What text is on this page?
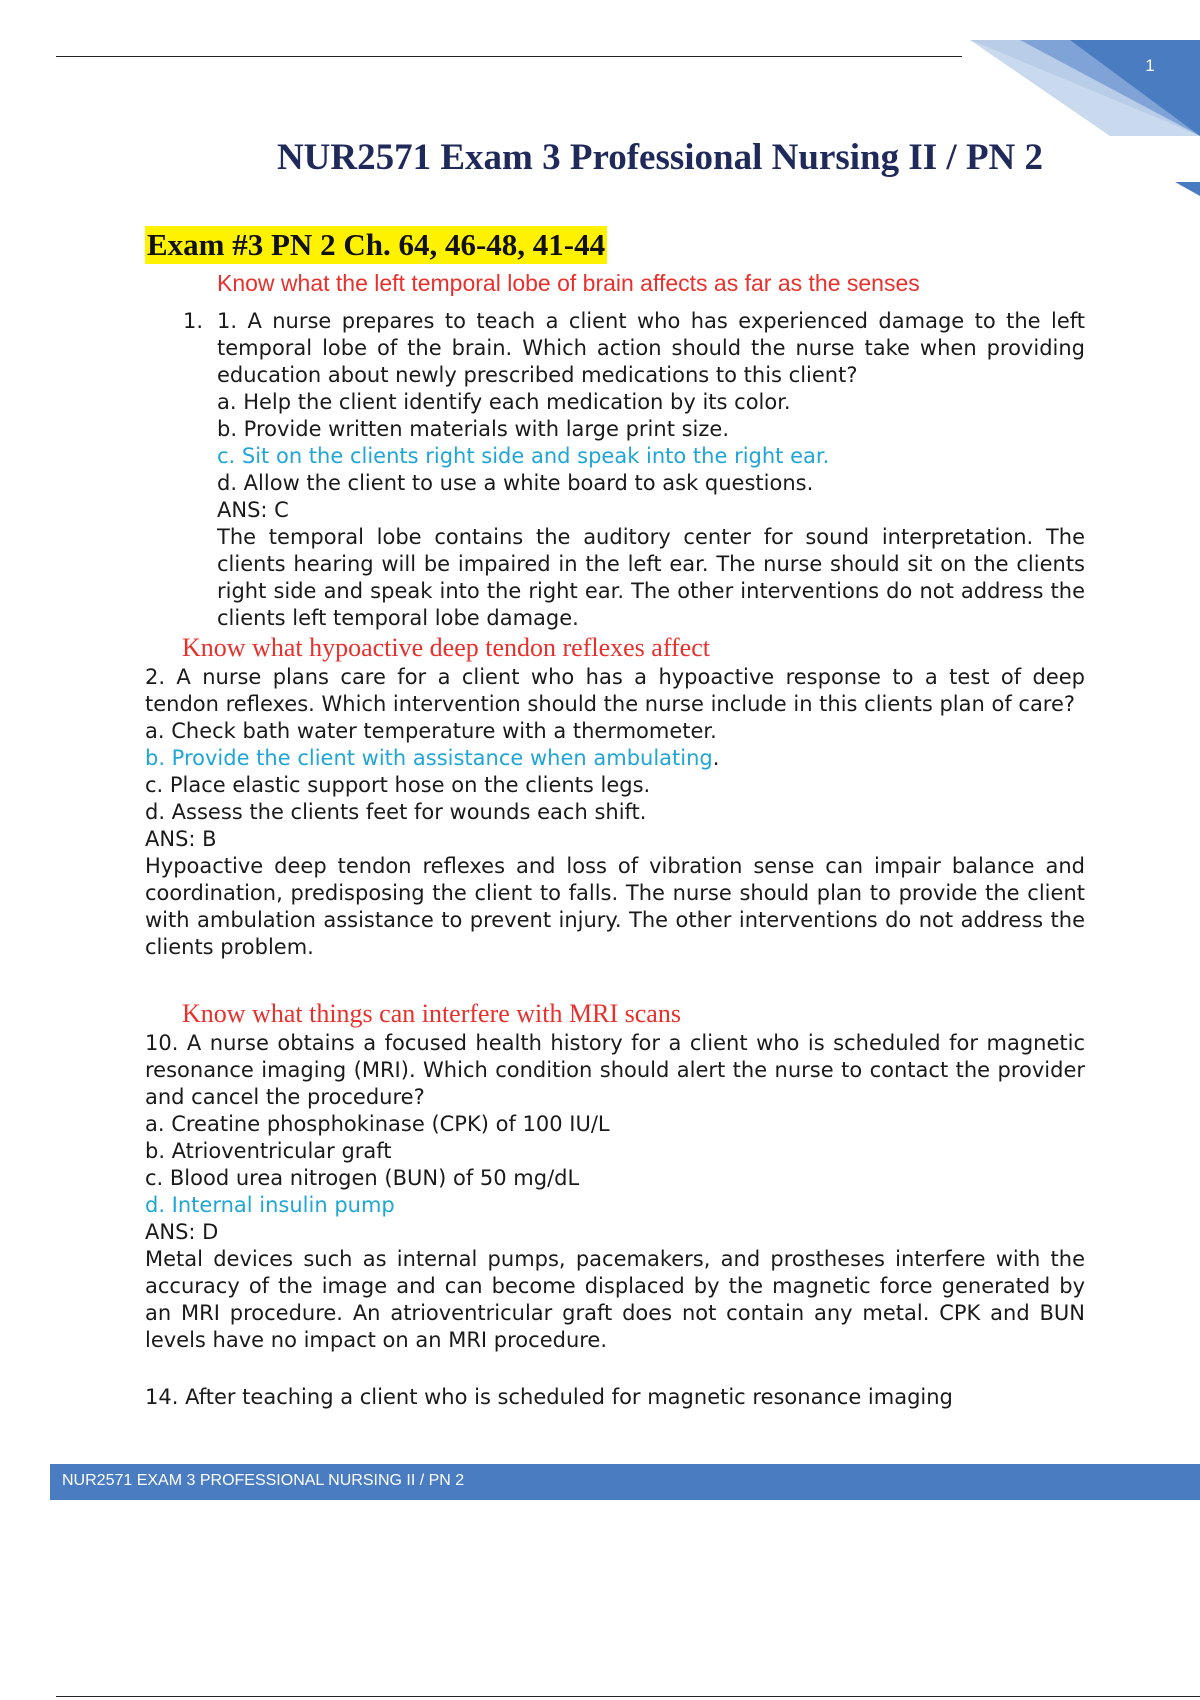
1
NUR2571 Exam 3 Professional Nursing II / PN 2
Exam #3 PN 2 Ch. 64, 46-48, 41-44

Know what the left temporal lobe of brain affects as far as the senses

1. 1. A nurse prepares to teach a client who has experienced damage to the left temporal lobe of the brain. Which action should the nurse take when providing education about newly prescribed medications to this client?

a. Help the client identify each medication by its color.

b. Provide written materials with large print size.

c. Sit on the clients right side and speak into the right ear.

d. Allow the client to use a white board to ask questions.

ANS: C

The temporal lobe contains the auditory center for sound interpretation. The clients hearing will be impaired in the left ear. The nurse should sit on the clients right side and speak into the right ear. The other interventions do not address the clients left temporal lobe damage.

Know what hypoactive deep tendon reflexes affect

2. A nurse plans care for a client who has a hypoactive response to a test of deep tendon reflexes. Which intervention should the nurse include in this clients plan of care?

a. Check bath water temperature with a thermometer.

b. Provide the client with assistance when ambulating.

c. Place elastic support hose on the clients legs.

d. Assess the clients feet for wounds each shift.

ANS: B

Hypoactive deep tendon reflexes and loss of vibration sense can impair balance and coordination, predisposing the client to falls. The nurse should plan to provide the client with ambulation assistance to prevent injury. The other interventions do not address the clients problem.

Know what things can interfere with MRI scans

10. A nurse obtains a focused health history for a client who is scheduled for magnetic resonance imaging (MRI). Which condition should alert the nurse to contact the provider and cancel the procedure?

a. Creatine phosphokinase (CPK) of 100 IU/L

b. Atrioventricular graft

c. Blood urea nitrogen (BUN) of 50 mg/dL

d. Internal insulin pump

ANS: D

Metal devices such as internal pumps, pacemakers, and prostheses interfere with the accuracy of the image and can become displaced by the magnetic force generated by an MRI procedure. An atrioventricular graft does not contain any metal. CPK and BUN levels have no impact on an MRI procedure.

14. After teaching a client who is scheduled for magnetic resonance imaging

NUR2571 EXAM 3 PROFESSIONAL NURSING II / PN 2
